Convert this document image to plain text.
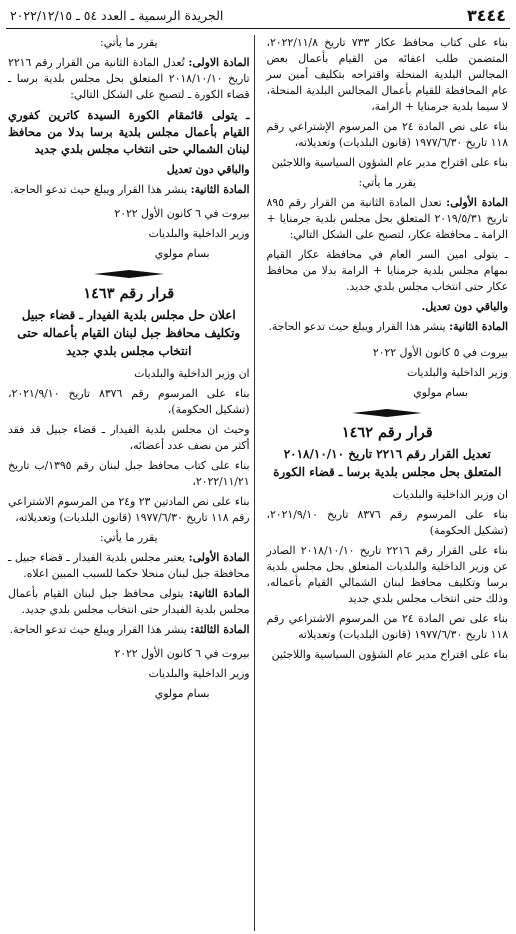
٣٤٤٤
الجريدة الرسمية ـ العدد ٥٤ ـ ٢٠٢٢/١٢/١٥

بناء على كتاب محافظ عكار ٧٣٣ تاريخ ٢٠٢٢/١١/٨، المتضمن طلب اعفائه من القيام بأعمال بعض المجالس البلدية المنحلة واقتراحه بتكليف أمين سر عام المحافظة للقيام بأعمال المجالس البلدية المنحلة، لا سيما بلدية جرمنايا + الرامة،

بناء على نص المادة ٢٤ من المرسوم الإشتراعي رقم ١١٨ تاريخ ١٩٧٧/٦/٣٠ (قانون البلديات) وتعديلاته،

بناء على اقتراح مدير عام الشؤون السياسية واللاجئين

يقرر ما يأتي:

المادة الأولى: تعدل المادة الثانية من القرار رقم ٨٩٥ تاريخ ٢٠١٩/٥/٣١ المتعلق بحل مجلس بلدية جرمنايا + الرامة ـ محافظة عكار، لتصبح على الشكل التالي:

ـ يتولى امين السر العام في محافظة عكار القيام بمهام مجلس بلدية جرمنايا + الرامة بدلا من محافظ عكار حتى انتخاب مجلس بلدي جديد.

والباقي دون تعديل.

المادة الثانية: ينشر هذا القرار ويبلغ حيث تدعو الحاجة.

بيروت في ٥ كانون الأول ٢٠٢٢

وزير الداخلية والبلديات

بسام مولوي

قرار رقم ١٤٦٢
تعديل القرار رقم ٢٢١٦ تاريخ ٢٠١٨/١٠/١٠ المتعلق بحل مجلس بلدية برسا ـ قضاء الكورة

ان وزير الداخلية والبلديات

بناء على المرسوم رقم ٨٣٧٦ تاريخ ٢٠٢١/٩/١٠، (تشكيل الحكومة)

بناء على القرار رقم ٢٢١٦ تاريخ ٢٠١٨/١٠/١٠ الصادر عن وزير الداخلية والبلديات المتعلق بحل مجلس بلدية برسا وتكليف محافظ لبنان الشمالي القيام بأعماله، وذلك حتى انتخاب مجلس بلدي جديد

بناء على نص المادة ٢٤ من المرسوم الاشتراعي رقم ١١٨ تاريخ ١٩٧٧/٦/٣٠ (قانون البلديات) وتعديلاته

بناء على اقتراح مدير عام الشؤون السياسية واللاجئين

يقرر ما يأتي:

المادة الاولى: تُعدل المادة الثانية من القرار رقم ٢٢١٦ تاريخ ٢٠١٨/١٠/١٠ المتعلق بحل مجلس بلدية برسا ـ قضاء الكورة ـ لتصبح على الشكل التالي:

ـ يتولى قائمقام الكورة السيدة كاترين كفوري القيام بأعمال مجلس بلدية برسا بدلا من محافظ لبنان الشمالي حتى انتخاب مجلس بلدي جديد

والباقي دون تعديل

المادة الثانية: ينشر هذا القرار ويبلغ حيث تدعو الحاجة.

بيروت في ٦ كانون الأول ٢٠٢٢

وزير الداخلية والبلديات

بسام مولوي

قرار رقم ١٤٦٣
اعلان حل مجلس بلدية الفيدار ـ قضاء جبيل وتكليف محافظ جبل لبنان القيام بأعماله حتى انتخاب مجلس بلدي جديد

ان وزير الداخلية والبلديات

بناء على المرسوم رقم ٨٣٧٦ تاريخ ٢٠٢١/٩/١٠، (تشكيل الحكومة)،

وحيث ان مجلس بلدية الفيدار ـ قضاء جبيل قد فقد أكثر من نصف عدد أعضائه،

بناء على كتاب محافظ جبل لبنان رقم ١٣٩٥/ب تاريخ ٢٠٢٢/١١/٢١،

بناء على نص المادتين ٢٣ و٢٤ من المرسوم الاشتراعي رقم ١١٨ تاريخ ١٩٧٧/٦/٣٠ (قانون البلديات) وتعديلاته،

يقرر ما يأتي:

المادة الأولى: يعتبر مجلس بلدية الفيدار ـ قضاء جبيل ـ محافظة جبل لبنان منحلا حكما للسبب المبين اعلاه.

المادة الثانية: يتولى محافظ جبل لبنان القيام بأعمال مجلس بلدية الفيدار حتى انتخاب مجلس بلدي جديد.

المادة الثالثة: ينشر هذا القرار ويبلغ حيث تدعو الحاجة.

بيروت في ٦ كانون الأول ٢٠٢٢

وزير الداخلية والبلديات

بسام مولوي
